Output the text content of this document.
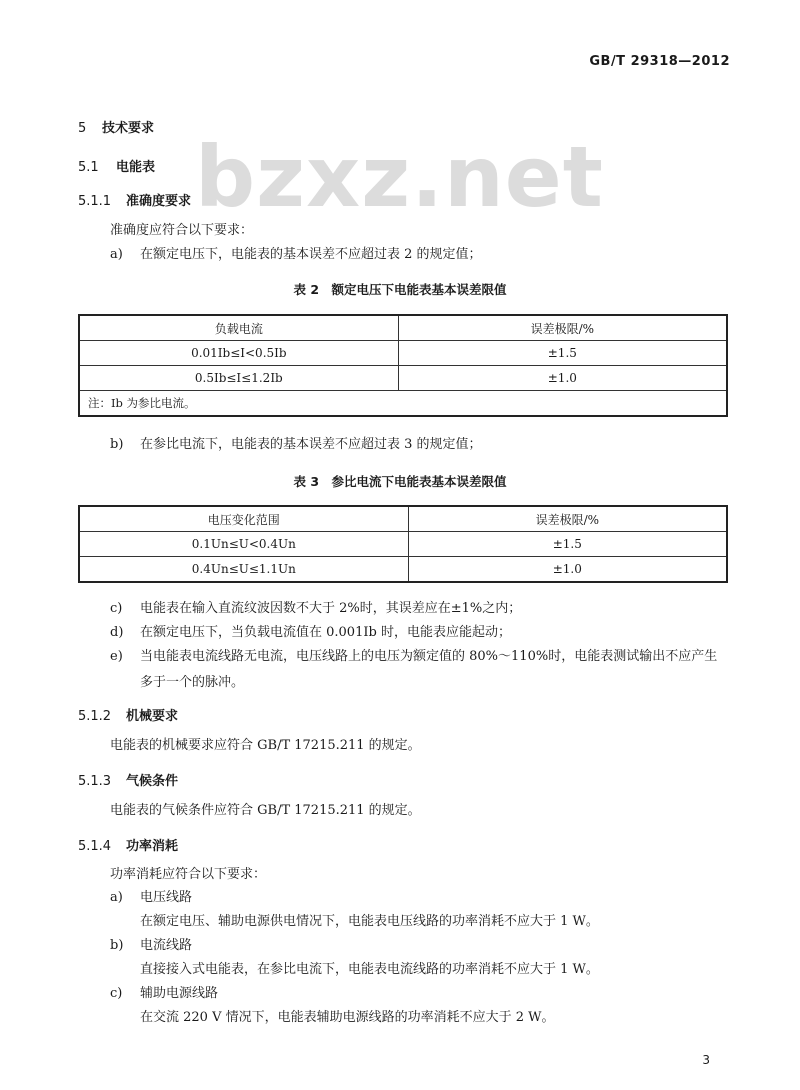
GB/T 29318—2012
bzxz.net
5 技术要求
5.1 电能表
5.1.1 准确度要求
准确度应符合以下要求：
a) 在额定电压下，电能表的基本误差不应超过表 2 的规定值；
表 2　额定电压下电能表基本误差限值
负载电流	误差极限/%
0.01Ib≤I<0.5Ib	±1.5
0.5Ib≤I≤1.2Ib	±1.0
注：Ib 为参比电流。	
b) 在参比电流下，电能表的基本误差不应超过表 3 的规定值；
表 3　参比电流下电能表基本误差限值
电压变化范围	误差极限/%
0.1Un≤U<0.4Un	±1.5
0.4Un≤U≤1.1Un	±1.0
c) 电能表在输入直流纹波因数不大于 2%时，其误差应在±1%之内；
d) 在额定电压下，当负载电流值在 0.001Ib 时，电能表应能起动；
e)	当电能表电流线路无电流，电压线路上的电压为额定值的 80%～110%时，电能表测试输出不应产生多于一个的脉冲。
5.1.2 机械要求
电能表的机械要求应符合 GB/T 17215.211 的规定。
5.1.3 气候条件
电能表的气候条件应符合 GB/T 17215.211 的规定。
5.1.4 功率消耗
功率消耗应符合以下要求：
a) 电压线路
在额定电压、辅助电源供电情况下，电能表电压线路的功率消耗不应大于 1 W。
b) 电流线路
直接接入式电能表，在参比电流下，电能表电流线路的功率消耗不应大于 1 W。
c) 辅助电源线路
在交流 220 V 情况下，电能表辅助电源线路的功率消耗不应大于 2 W。
3
